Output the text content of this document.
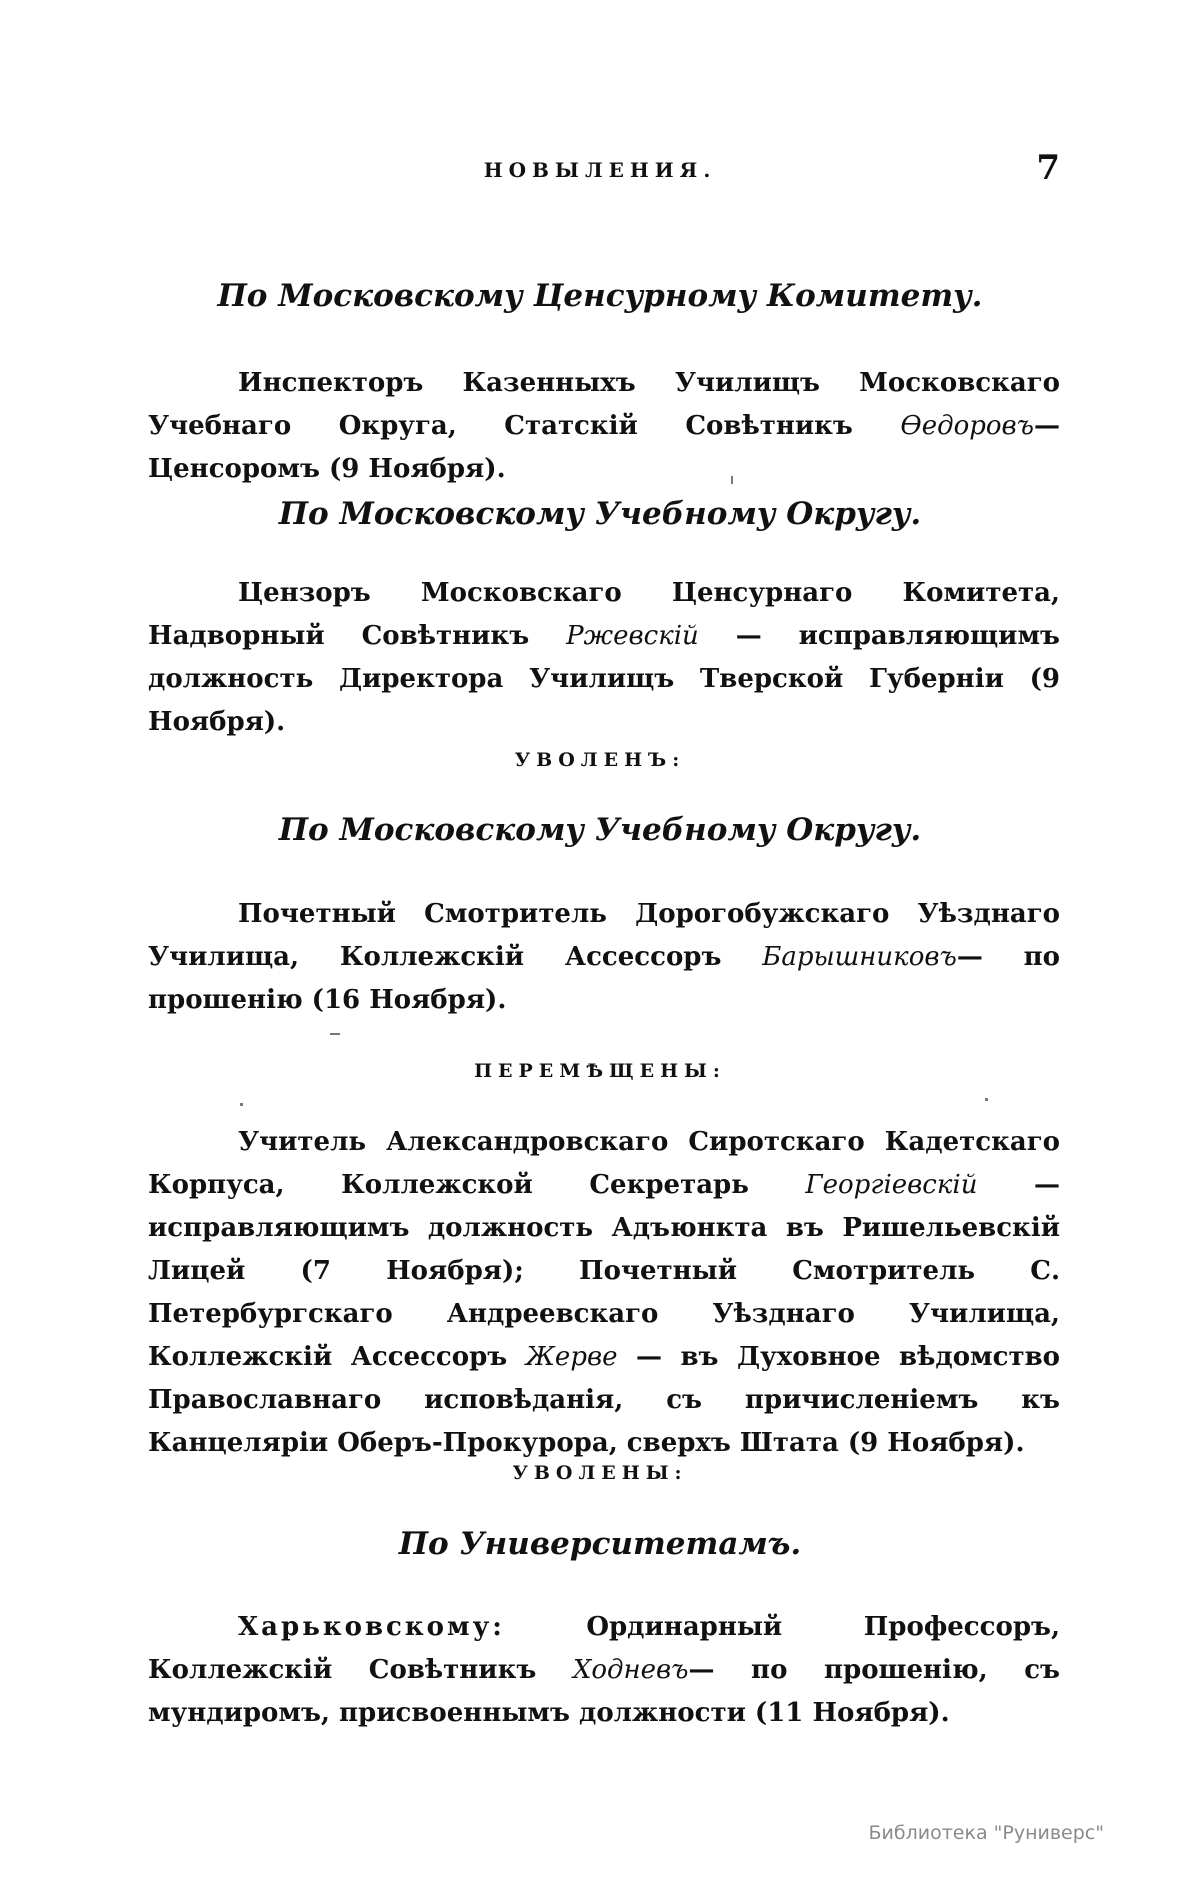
НОВЫЛЕНИЯ.	7
По Московскому Ценсурному Комитету.
Инспекторъ Казенныхъ Училищъ Московскаго Учебнаго Округа, Статскій Совѣтникъ Өедоровъ— Ценсоромъ (9 Ноября).
По Московскому Учебному Округу.
Цензоръ Московскаго Ценсурнаго Комитета, Надворный Совѣтникъ Ржевскій — исправляющимъ должность Директора Училищъ Тверской Губерніи (9 Ноября).
УВОЛЕНЪ:
По Московскому Учебному Округу.
Почетный Смотритель Дорогобужскаго Уѣзднаго Училища, Коллежскій Ассессоръ Барышниковъ— по прошенію (16 Ноября).
ПЕРЕМѢЩЕНЫ:
Учитель Александровскаго Сиротскаго Кадетскаго Корпуса, Коллежской Секретарь Георгіевскій — исправляющимъ должность Адъюнкта въ Ришельевскій Лицей (7 Ноября); Почетный Смотритель С. Петербургскаго Андреевскаго Уѣзднаго Училища, Коллежскій Ассессоръ Жерве — въ Духовное вѣдомство Православнаго исповѣданія, съ причисленіемъ къ Канцеляріи Оберъ-Прокурора, сверхъ Штата (9 Ноября).
УВОЛЕНЫ:
По Университетамъ.
Харьковскому: Ординарный Профессоръ, Коллежскій Совѣтникъ Ходневъ— по прошенію, съ мундиромъ, присвоеннымъ должности (11 Ноября).
Библиотека "Руниверс"
